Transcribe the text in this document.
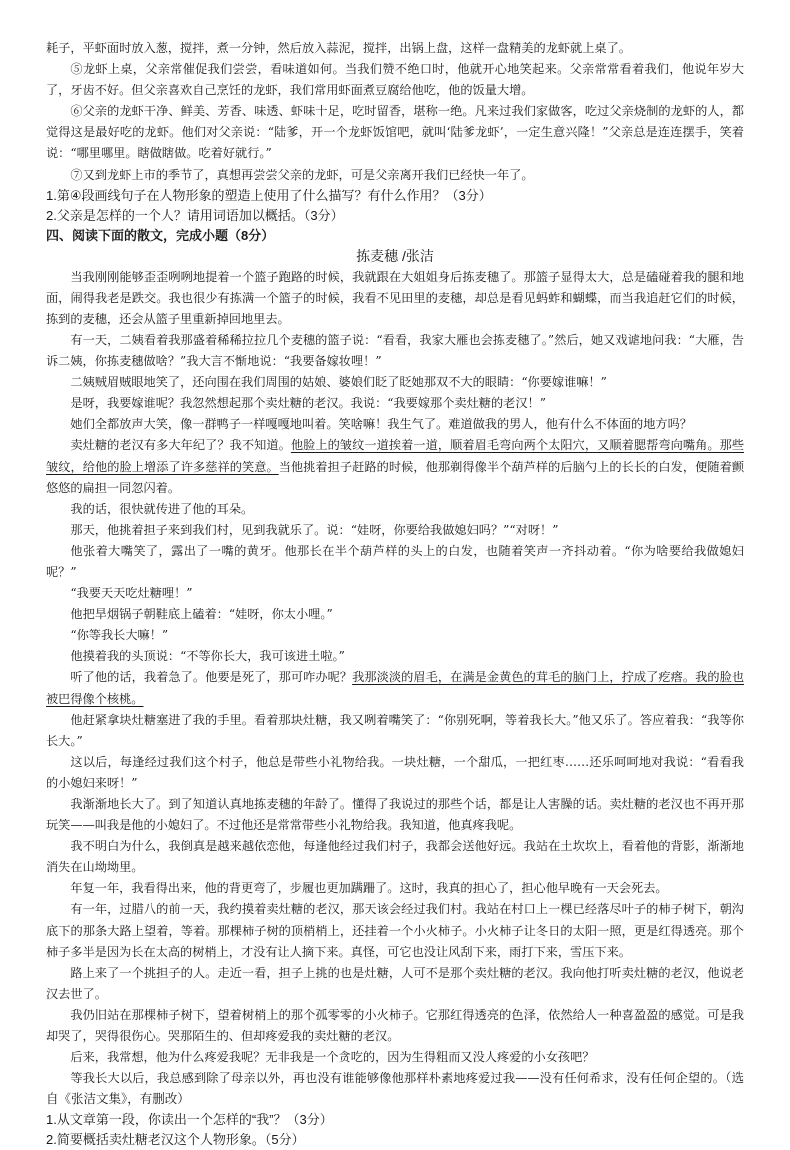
耗子，平虾面时放入葱，搅拌，煮一分钟，然后放入蒜泥，搅拌，出锅上盘，这样一盘精美的龙虾就上桌了。

⑤龙虾上桌，父亲常催促我们尝尝，看味道如何。当我们赞不绝口时，他就开心地笑起来。父亲常常看着我们，他说年岁大了，牙齿不好。但父亲喜欢自己烹饪的龙虾，我们常用虾面煮豆腐给他吃，他的饭量大增。

⑥父亲的龙虾干净、鲜美、芳香、味透、虾味十足，吃时留香，堪称一绝。凡来过我们家做客，吃过父亲烧制的龙虾的人，都觉得这是最好吃的龙虾。他们对父亲说：“陆爹，开一个龙虾饭馆吧，就叫‘陆爹龙虾’，一定生意兴隆！”父亲总是连连摆手，笑着说：“哪里哪里。瞎做瞎做。吃着好就行。”

⑦又到龙虾上市的季节了，真想再尝尝父亲的龙虾，可是父亲离开我们已经快一年了。

1.第④段画线句子在人物形象的塑造上使用了什么描写？有什么作用？（3分）

2.父亲是怎样的一个人？请用词语加以概括。（3分）

四、阅读下面的散文，完成小题（8分）

拣麦穗 /张洁

当我刚刚能够歪歪咧咧地提着一个篮子跑路的时候，我就跟在大姐姐身后拣麦穗了。那篮子显得太大，总是磕碰着我的腿和地面，闹得我老是跌交。我也很少有拣满一个篮子的时候，我看不见田里的麦穗，却总是看见蚂蚱和蝴蝶，而当我追赶它们的时候，拣到的麦穗，还会从篮子里重新掉回地里去。

有一天，二姨看着我那盛着稀稀拉拉几个麦穗的篮子说：“看看，我家大雁也会拣麦穗了。”然后，她又戏谑地问我：“大雁，告诉二姨，你拣麦穗做啥？”我大言不惭地说：“我要备嫁妆哩！”

二姨贼眉贼眼地笑了，还向围在我们周围的姑娘、婆娘们眨了眨她那双不大的眼睛：“你要嫁谁嘛！”

是呀，我要嫁谁呢？我忽然想起那个卖灶糖的老汉。我说：“我要嫁那个卖灶糖的老汉！”

她们全都放声大笑，像一群鸭子一样嘎嘎地叫着。笑啥嘛！我生气了。难道做我的男人，他有什么不体面的地方吗？

卖灶糖的老汉有多大年纪了？我不知道。他脸上的皱纹一道挨着一道，顺着眉毛弯向两个太阳穴，又顺着腮帮弯向嘴角。那些皱纹，给他的脸上增添了许多慈祥的笑意。当他挑着担子赶路的时候，他那剃得像半个葫芦样的后脑勺上的长长的白发，便随着颤悠悠的扁担一同忽闪着。

我的话，很快就传进了他的耳朵。

那天，他挑着担子来到我们村，见到我就乐了。说：“娃呀，你要给我做媳妇吗？”“对呀！”

他张着大嘴笑了，露出了一嘴的黄牙。他那长在半个葫芦样的头上的白发，也随着笑声一齐抖动着。“你为啥要给我做媳妇呢？”

“我要天天吃灶糖哩！”

他把旱烟锅子朝鞋底上磕着：“娃呀，你太小哩。”

“你等我长大嘛！”

他摸着我的头顶说：“不等你长大，我可该进土啦。”

听了他的话，我着急了。他要是死了，那可咋办呢？我那淡淡的眉毛，在满是金黄色的茸毛的脑门上，拧成了疙瘩。我的脸也被巴得像个核桃。

他赶紧拿块灶糖塞进了我的手里。看着那块灶糖，我又咧着嘴笑了：“你别死啊，等着我长大。”他又乐了。答应着我：“我等你长大。”

这以后，每逢经过我们这个村子，他总是带些小礼物给我。一块灶糖，一个甜瓜，一把红枣……还乐呵呵地对我说：“看看我的小媳妇来呀！”

我渐渐地长大了。到了知道认真地拣麦穗的年龄了。懂得了我说过的那些个话，都是让人害臊的话。卖灶糖的老汉也不再开那玩笑——叫我是他的小媳妇了。不过他还是常常带些小礼物给我。我知道，他真疼我呢。

我不明白为什么，我倒真是越来越依恋他，每逢他经过我们村子，我都会送他好远。我站在土坎坎上，看着他的背影，渐渐地消失在山坳坳里。

年复一年，我看得出来，他的背更弯了，步履也更加蹒跚了。这时，我真的担心了，担心他早晚有一天会死去。

有一年，过腊八的前一天，我约摸着卖灶糖的老汉，那天该会经过我们村。我站在村口上一棵已经落尽叶子的柿子树下，朝沟底下的那条大路上望着，等着。那棵柿子树的顶梢梢上，还挂着一个小火柿子。小火柿子让冬日的太阳一照，更是红得透亮。那个柿子多半是因为长在太高的树梢上，才没有让人摘下来。真怪，可它也没让风刮下来，雨打下来，雪压下来。

路上来了一个挑担子的人。走近一看，担子上挑的也是灶糖，人可不是那个卖灶糖的老汉。我向他打听卖灶糖的老汉，他说老汉去世了。

我仍旧站在那棵柿子树下，望着树梢上的那个孤零零的小火柿子。它那红得透亮的色泽，依然给人一种喜盈盈的感觉。可是我却哭了，哭得很伤心。哭那陌生的、但却疼爱我的卖灶糖的老汉。

后来，我常想，他为什么疼爱我呢？无非我是一个贪吃的，因为生得粗而又没人疼爱的小女孩吧？

等我长大以后，我总感到除了母亲以外，再也没有谁能够像他那样朴素地疼爱过我——没有任何希求，没有任何企望的。（选自《张洁文集》，有删改）

1.从文章第一段，你读出一个怎样的“我”？（3分）

2.简要概括卖灶糖老汉这个人物形象。（5分）
